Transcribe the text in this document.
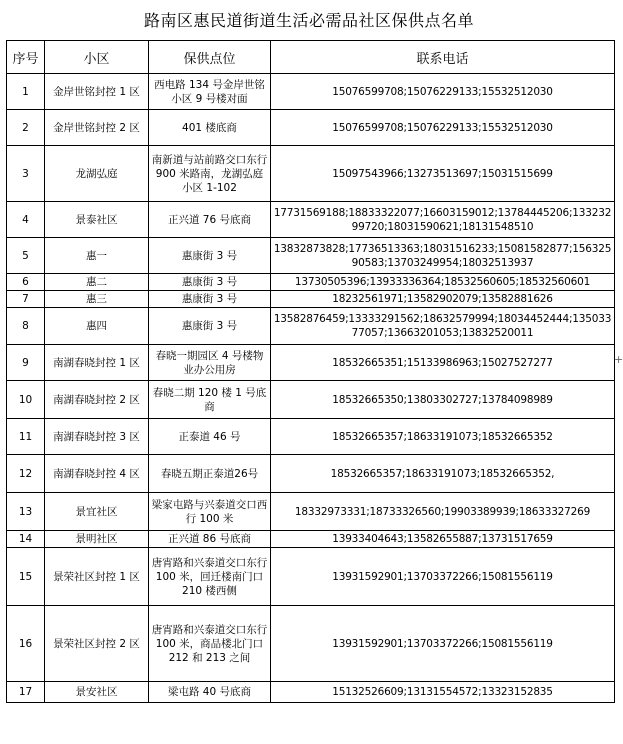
路南区惠民道街道生活必需品社区保供点名单
序号	小区	保供点位	联系电话
1	金岸世铭封控 1 区	西电路 134 号金岸世铭小区 9 号楼对面	15076599708;15076229133;15532512030
2	金岸世铭封控 2 区	401 楼底商	15076599708;15076229133;15532512030
3	龙湖弘庭	南新道与站前路交口东行 900 米路南，龙湖弘庭小区 1-102	15097543966;13273513697;15031515699
4	景泰社区	正兴道 76 号底商	17731569188;18833322077;16603159012;13784445206;13323299720;18031590621;18131548510
5	惠一	惠康街 3 号	13832873828;17736513363;18031516233;15081582877;15632590583;13703249954;18032513937
6	惠二	惠康街 3 号	13730505396;13933336364;18532560605;18532560601
7	惠三	惠康街 3 号	18232561971;13582902079;13582881626
8	惠四	惠康街 3 号	13582876459;13333291562;18632579994;18034452444;13503377057;13663201053;13832520011
9	南湖春晓封控 1 区	春晓一期园区 4 号楼物业办公用房	18532665351;15133986963;15027527277
10	南湖春晓封控 2 区	春晓二期 120 楼 1 号底商	18532665350;13803302727;13784098989
11	南湖春晓封控 3 区	正泰道 46 号	18532665357;18633191073;18532665352
12	南湖春晓封控 4 区	春晓五期正泰道26号	18532665357;18633191073;18532665352,
13	景宜社区	梁家屯路与兴泰道交口西行 100 米	18332973331;18733326560;19903389939;18633327269
14	景明社区	正兴道 86 号底商	13933404643;13582655887;13731517659
15	景荣社区封控 1 区	唐宵路和兴泰道交口东行 100 米，回迁楼南门口 210 楼西侧	13931592901;13703372266;15081556119
16	景荣社区封控 2 区	唐宵路和兴泰道交口东行 100 米，商品楼北门口 212 和 213 之间	13931592901;13703372266;15081556119
17	景安社区	梁屯路 40 号底商	15132526609;13131554572;13323152835
+
